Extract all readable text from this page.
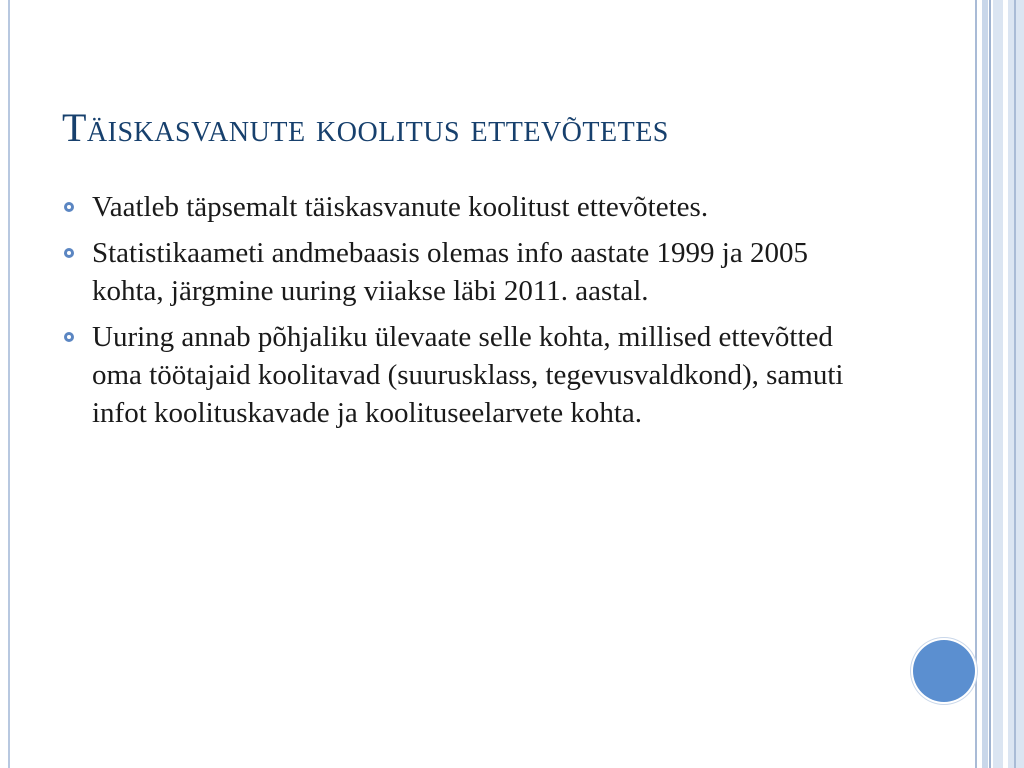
Täiskasvanute koolitus ettevõtetes
Vaatleb täpsemalt täiskasvanute koolitust ettevõtetes.
Statistikaameti andmebaasis olemas info aastate 1999 ja 2005 kohta, järgmine uuring viiakse läbi 2011. aastal.
Uuring annab põhjaliku ülevaate selle kohta, millised ettevõtted oma töötajaid koolitavad (suurusklass, tegevusvaldkond), samuti infot koolituskavade ja koolituseelarvete kohta.
